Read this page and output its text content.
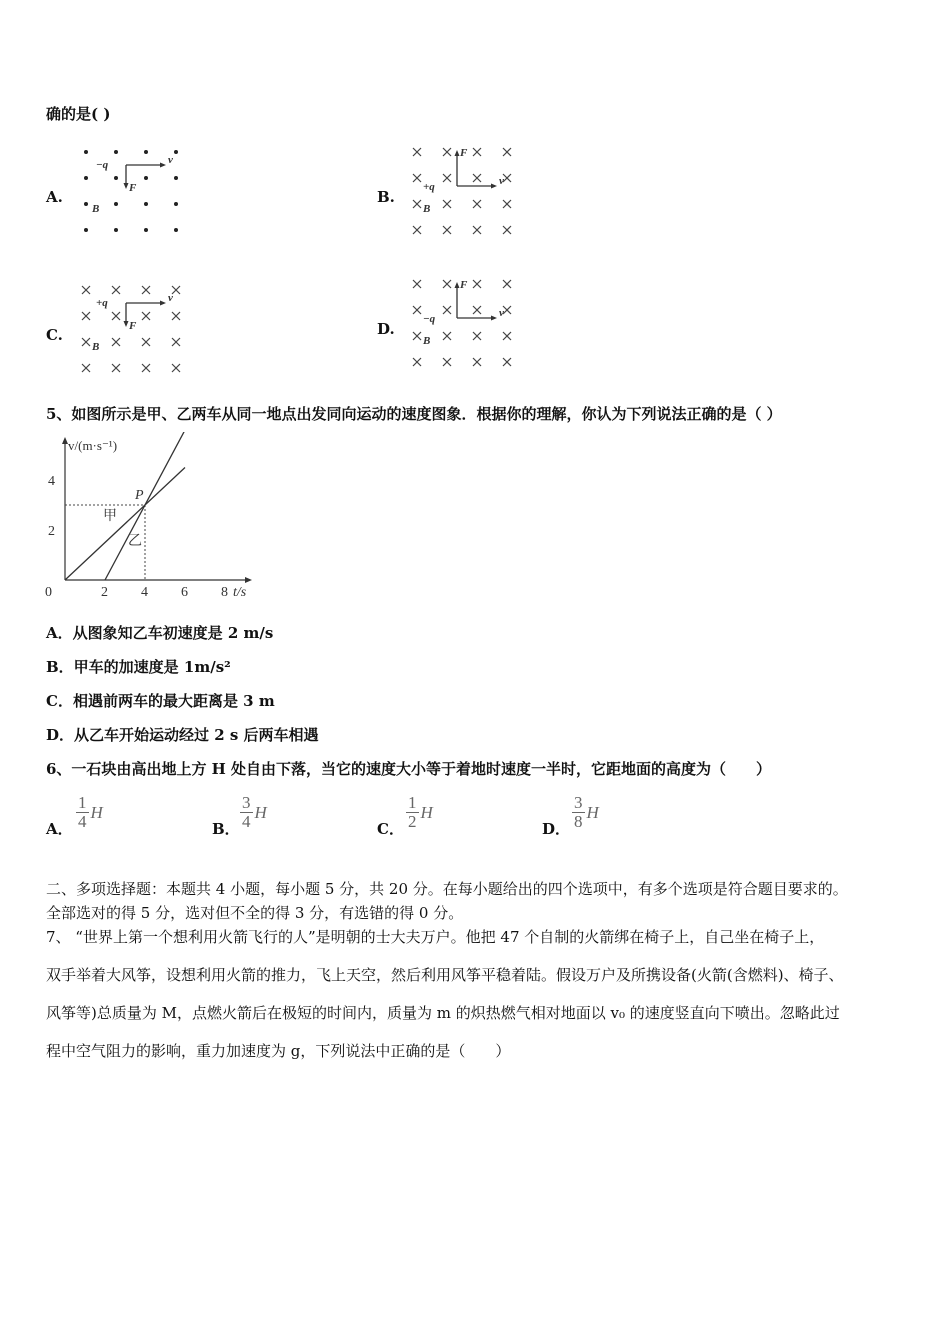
确的是( )
A.
v
F
−q
B
B.
v
F
+q
B
C.
v
F
+q
B
D.
v
F
−q
B
5、如图所示是甲、乙两车从同一地点出发同向运动的速度图象．根据你的理解，你认为下列说法正确的是（ ）
0	2 4 6 8
2
4
t/s
v/(m·s⁻¹)
P
甲
乙
A．从图象知乙车初速度是 2 m/s
B．甲车的加速度是 1m/s²
C．相遇前两车的最大距离是 3 m
D．从乙车开始运动经过 2 s 后两车相遇
6、一石块由高出地上方 H 处自由下落，当它的速度大小等于着地时速度一半时，它距地面的高度为（　　）
A． $\frac{1}{4}$ H
B． $\frac{3}{4}$ H
C． $\frac{1}{2}$ H
D． $\frac{3}{8}$ H
二、多项选择题：本题共 4 小题，每小题 5 分，共 20 分。在每小题给出的四个选项中，有多个选项是符合题目要求的。
全部选对的得 5 分，选对但不全的得 3 分，有选错的得 0 分。
7、 “世界上第一个想利用火箭飞行的人”是明朝的士大夫万户。他把 47 个自制的火箭绑在椅子上，自己坐在椅子上，
双手举着大风筝，设想利用火箭的推力，飞上天空，然后利用风筝平稳着陆。假设万户及所携设备(火箭(含燃料)、椅子、
风筝等)总质量为 M，点燃火箭后在极短的时间内，质量为 m 的炽热燃气相对地面以 v₀ 的速度竖直向下喷出。忽略此过
程中空气阻力的影响，重力加速度为 g，下列说法中正确的是（　　）
